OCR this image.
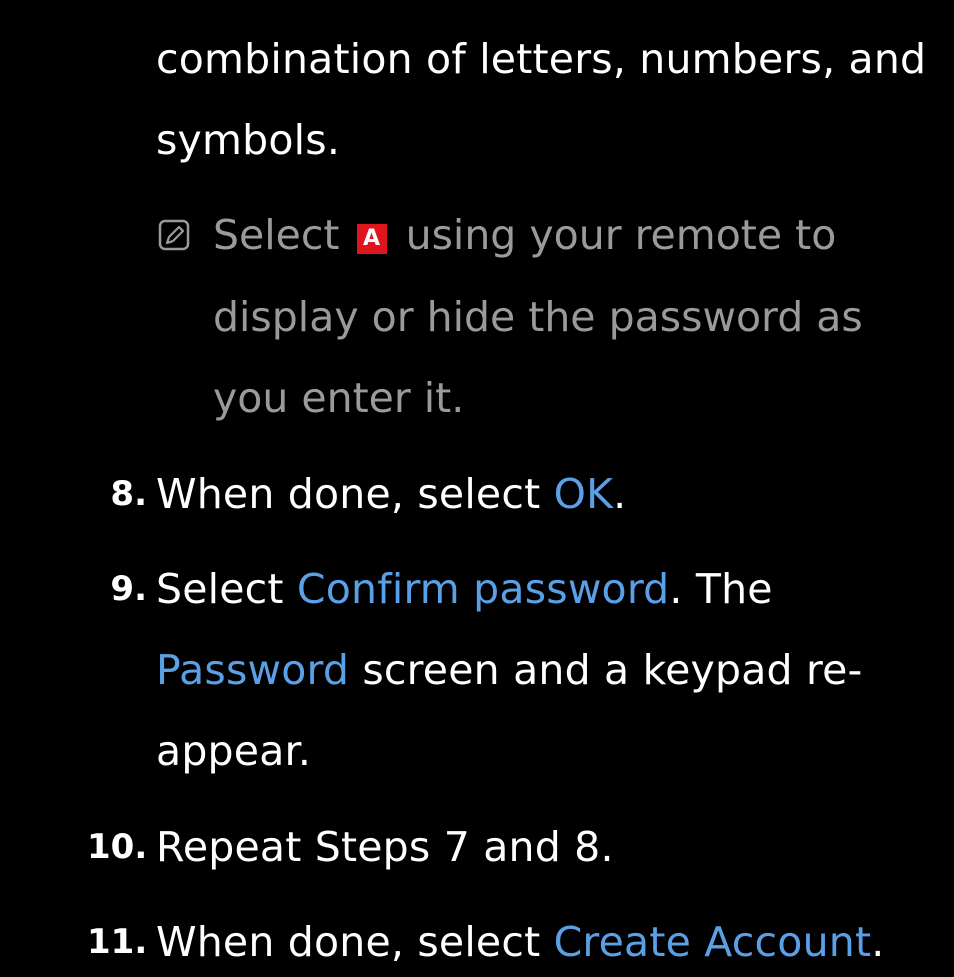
combination of letters, numbers, and
symbols.
Select A using your remote to
display or hide the password as
you enter it.
8. When done, select OK.
9. Select Confirm password. The
Password screen and a keypad re-
appear.
10. Repeat Steps 7 and 8.
11. When done, select Create Account.
